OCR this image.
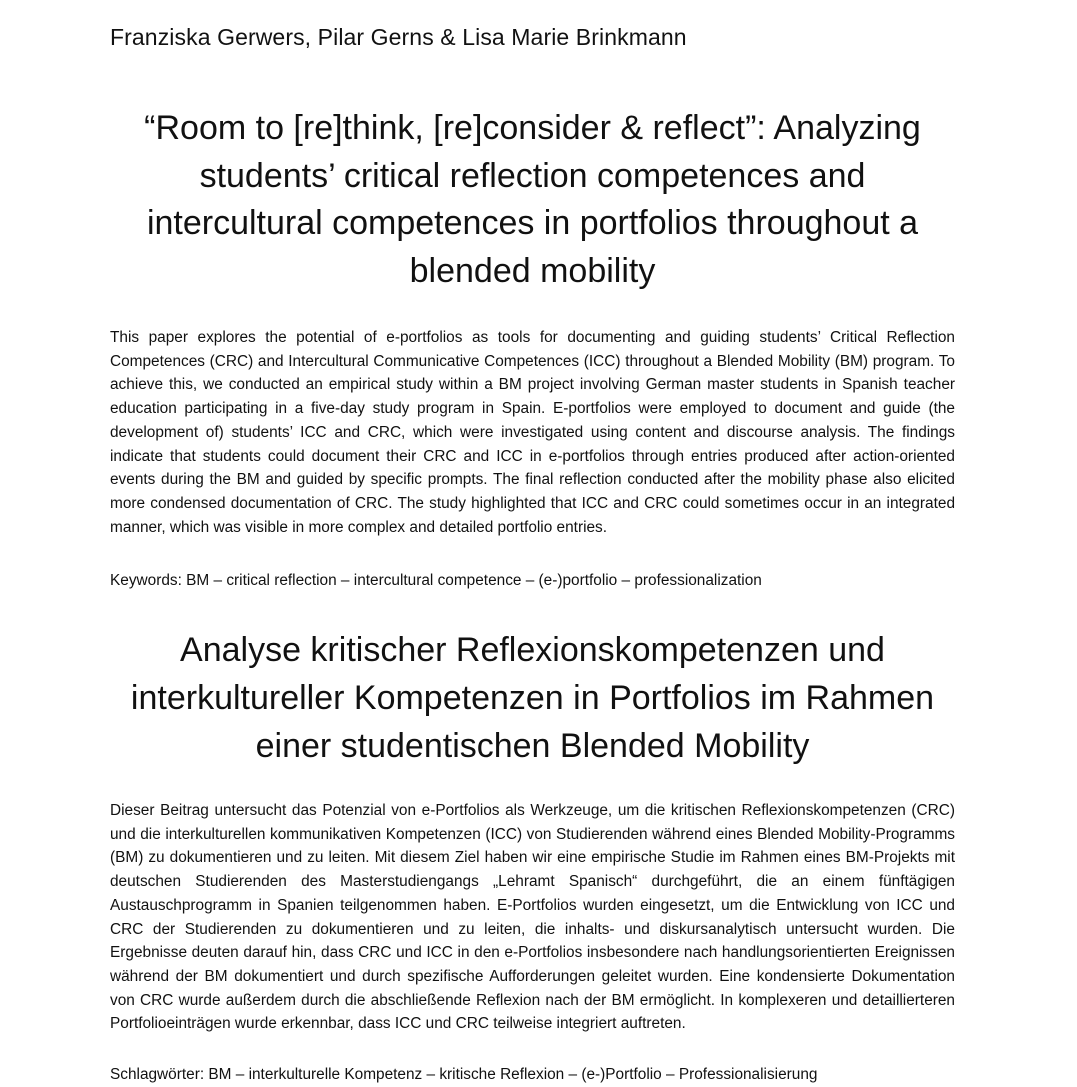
Franziska Gerwers, Pilar Gerns & Lisa Marie Brinkmann
“Room to [re]think, [re]consider & reflect”: Analyzing students’ critical reflection competences and intercultural competences in portfolios throughout a blended mobility

This paper explores the potential of e-portfolios as tools for documenting and guiding students’ Critical Reflection Competences (CRC) and Intercultural Communicative Competences (ICC) throughout a Blended Mobility (BM) program. To achieve this, we conducted an empirical study within a BM project involving German master students in Spanish teacher education participating in a five-day study program in Spain. E-portfolios were employed to document and guide (the development of) students’ ICC and CRC, which were investigated using content and discourse analysis. The findings indicate that students could document their CRC and ICC in e-portfolios through entries produced after action-oriented events during the BM and guided by specific prompts. The final reflection conducted after the mobility phase also elicited more condensed documentation of CRC. The study highlighted that ICC and CRC could sometimes occur in an integrated manner, which was visible in more complex and detailed portfolio entries.

Keywords: BM – critical reflection – intercultural competence – (e-)portfolio – professionalization

Analyse kritischer Reflexionskompetenzen und interkultureller Kompetenzen in Portfolios im Rahmen einer studentischen Blended Mobility

Dieser Beitrag untersucht das Potenzial von e-Portfolios als Werkzeuge, um die kritischen Reflexionskompetenzen (CRC) und die interkulturellen kommunikativen Kompetenzen (ICC) von Studierenden während eines Blended Mobility-Programms (BM) zu dokumentieren und zu leiten. Mit diesem Ziel haben wir eine empirische Studie im Rahmen eines BM-Projekts mit deutschen Studierenden des Masterstudiengangs „Lehramt Spanisch“ durchgeführt, die an einem fünftägigen Austauschprogramm in Spanien teilgenommen haben. E-Portfolios wurden eingesetzt, um die Entwicklung von ICC und CRC der Studierenden zu dokumentieren und zu leiten, die inhalts- und diskursanalytisch untersucht wurden. Die Ergebnisse deuten darauf hin, dass CRC und ICC in den e-Portfolios insbesondere nach handlungsorientierten Ereignissen während der BM dokumentiert und durch spezifische Aufforderungen geleitet wurden. Eine kondensierte Dokumentation von CRC wurde außerdem durch die abschließende Reflexion nach der BM ermöglicht. In komplexeren und detaillierteren Portfolioeinträgen wurde erkennbar, dass ICC und CRC teilweise integriert auftreten.

Schlagwörter: BM – interkulturelle Kompetenz – kritische Reflexion – (e-)Portfolio – Professionalisierung
